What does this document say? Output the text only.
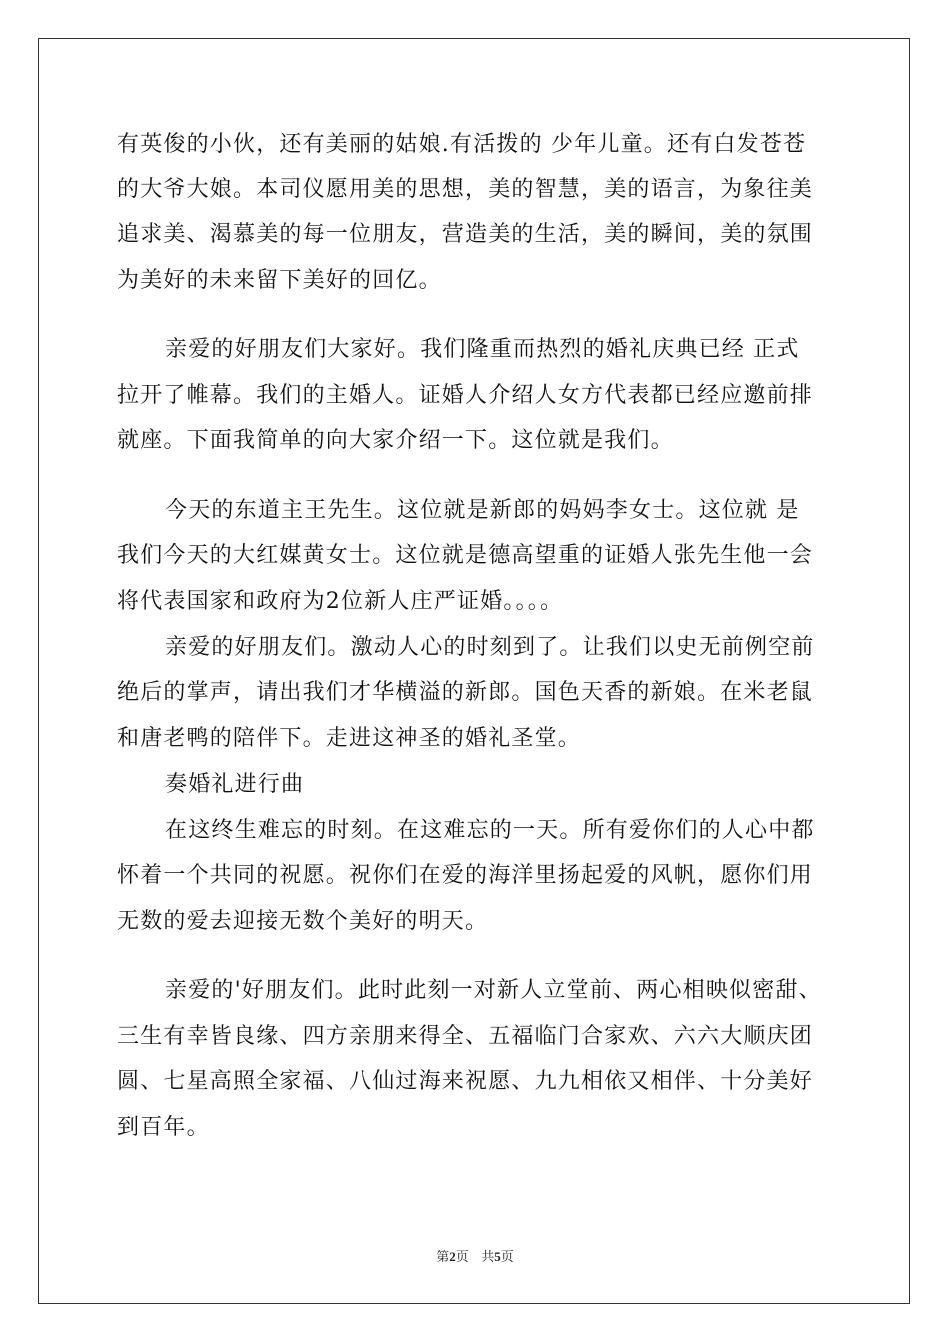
有英俊的小伙，还有美丽的姑娘.有活拨的 少年儿童。还有白发苍苍
的大爷大娘。本司仪愿用美的思想，美的智慧，美的语言，为象往美
追求美、渴慕美的每一位朋友，营造美的生活，美的瞬间，美的氛围
为美好的未来留下美好的回亿。
亲爱的好朋友们大家好。我们隆重而热烈的婚礼庆典已经 正式
拉开了帷幕。我们的主婚人。证婚人介绍人女方代表都已经应邀前排
就座。下面我简单的向大家介绍一下。这位就是我们。
今天的东道主王先生。这位就是新郎的妈妈李女士。这位就 是
我们今天的大红媒黄女士。这位就是德高望重的证婚人张先生他一会
将代表国家和政府为2位新人庄严证婚。。。。
亲爱的好朋友们。激动人心的时刻到了。让我们以史无前例空前
绝后的掌声，请出我们才华横溢的新郎。国色天香的新娘。在米老鼠
和唐老鸭的陪伴下。走进这神圣的婚礼圣堂。
奏婚礼进行曲
在这终生难忘的时刻。在这难忘的一天。所有爱你们的人心中都
怀着一个共同的祝愿。祝你们在爱的海洋里扬起爱的风帆，愿你们用
无数的爱去迎接无数个美好的明天。
亲爱的'好朋友们。此时此刻一对新人立堂前、两心相映似密甜、
三生有幸皆良缘、四方亲朋来得全、五福临门合家欢、六六大顺庆团
圆、七星高照全家福、八仙过海来祝愿、九九相依又相伴、十分美好
到百年。
第2页 共5页
